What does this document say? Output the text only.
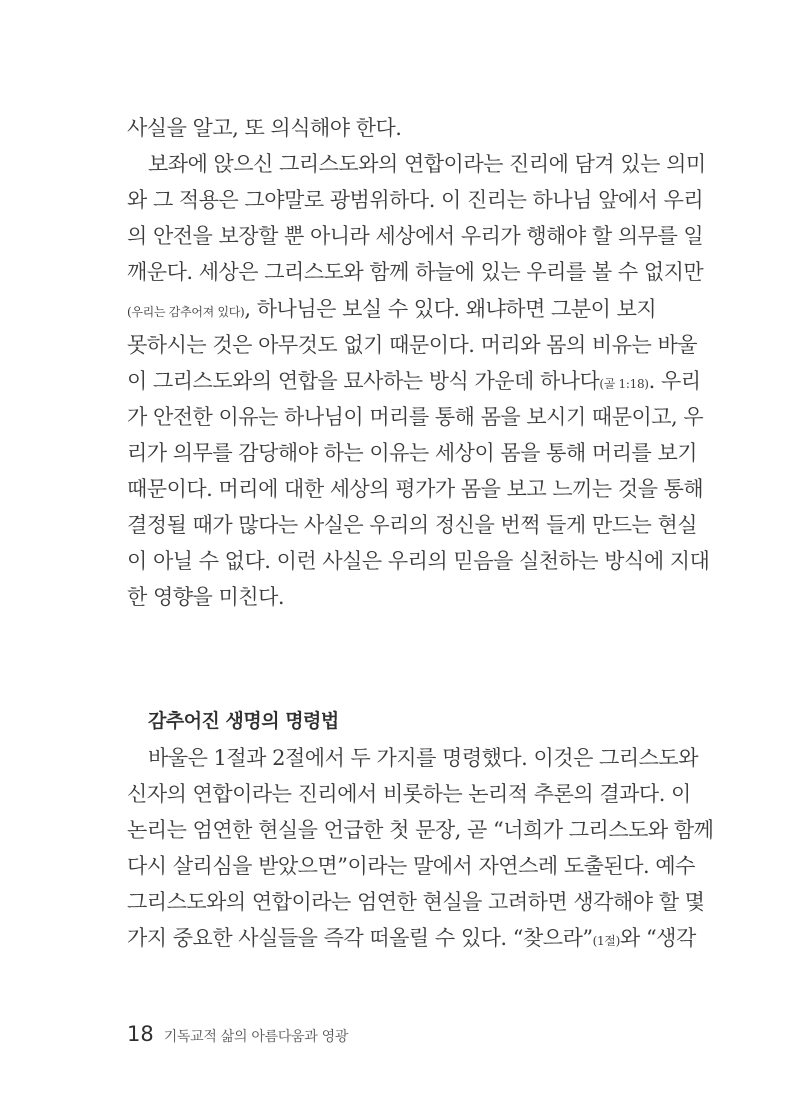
사실을 알고, 또 의식해야 한다.
보좌에 앉으신 그리스도와의 연합이라는 진리에 담겨 있는 의미
와 그 적용은 그야말로 광범위하다. 이 진리는 하나님 앞에서 우리
의 안전을 보장할 뿐 아니라 세상에서 우리가 행해야 할 의무를 일
깨운다. 세상은 그리스도와 함께 하늘에 있는 우리를 볼 수 없지만
(우리는 감추어져 있다), 하나님은 보실 수 있다. 왜냐하면 그분이 보지
못하시는 것은 아무것도 없기 때문이다. 머리와 몸의 비유는 바울
이 그리스도와의 연합을 묘사하는 방식 가운데 하나다(골 1:18). 우리
가 안전한 이유는 하나님이 머리를 통해 몸을 보시기 때문이고, 우
리가 의무를 감당해야 하는 이유는 세상이 몸을 통해 머리를 보기
때문이다. 머리에 대한 세상의 평가가 몸을 보고 느끼는 것을 통해
결정될 때가 많다는 사실은 우리의 정신을 번쩍 들게 만드는 현실
이 아닐 수 없다. 이런 사실은 우리의 믿음을 실천하는 방식에 지대
한 영향을 미친다.
감추어진 생명의 명령법
바울은 1절과 2절에서 두 가지를 명령했다. 이것은 그리스도와
신자의 연합이라는 진리에서 비롯하는 논리적 추론의 결과다. 이
논리는 엄연한 현실을 언급한 첫 문장, 곧 “너희가 그리스도와 함께
다시 살리심을 받았으면”이라는 말에서 자연스레 도출된다. 예수
그리스도와의 연합이라는 엄연한 현실을 고려하면 생각해야 할 몇
가지 중요한 사실들을 즉각 떠올릴 수 있다. “찾으라”(1절)와 “생각
18 기독교적 삶의 아름다움과 영광
